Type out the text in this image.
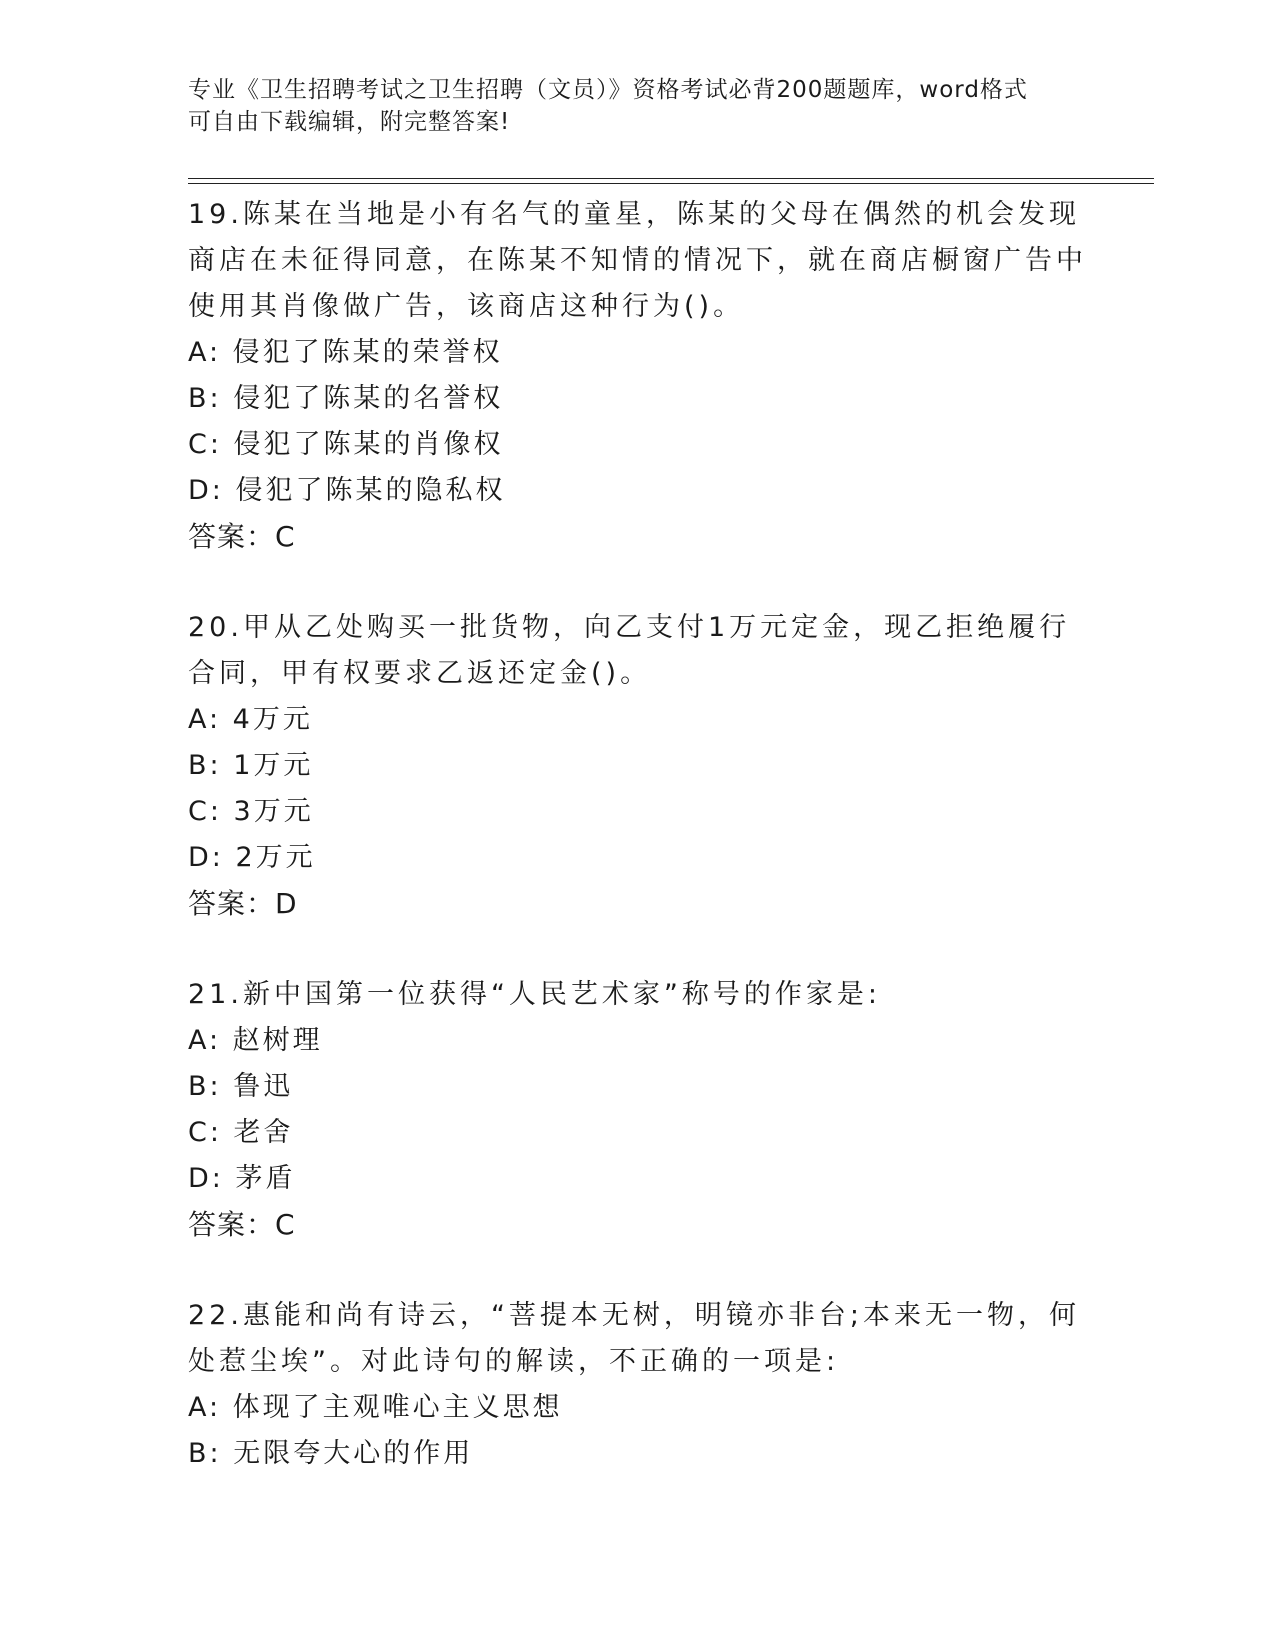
专业《卫生招聘考试之卫生招聘（文员）》资格考试必背200题题库，word格式
可自由下载编辑，附完整答案!

19.陈某在当地是小有名气的童星，陈某的父母在偶然的机会发现商店在未征得同意，在陈某不知情的情况下，就在商店橱窗广告中使用其肖像做广告，该商店这种行为()。

A: 侵犯了陈某的荣誉权

B: 侵犯了陈某的名誉权

C: 侵犯了陈某的肖像权

D: 侵犯了陈某的隐私权

答案：C

20.甲从乙处购买一批货物，向乙支付1万元定金，现乙拒绝履行合同，甲有权要求乙返还定金()。

A: 4万元

B: 1万元

C: 3万元

D: 2万元

答案：D

21.新中国第一位获得“人民艺术家”称号的作家是:

A: 赵树理

B: 鲁迅

C: 老舍

D: 茅盾

答案：C

22.惠能和尚有诗云，“菩提本无树，明镜亦非台;本来无一物，何处惹尘埃”。对此诗句的解读，不正确的一项是:

A: 体现了主观唯心主义思想

B: 无限夸大心的作用
